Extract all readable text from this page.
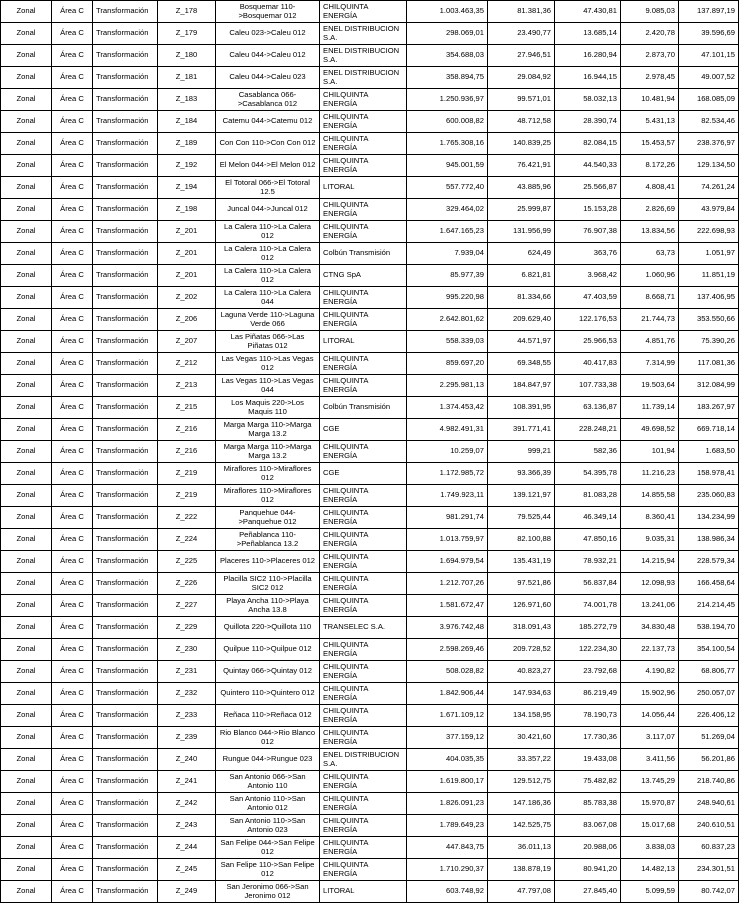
Zonal	Área C	Transformación	Z_178	Bosquemar 110->Bosquemar 012	CHILQUINTA ENERGÍA	1.003.463,35	81.381,36	47.430,81	9.085,03	137.897,19
Zonal	Área C	Transformación	Z_179	Caleu 023->Caleu 012	ENEL DISTRIBUCION S.A.	298.069,01	23.490,77	13.685,14	2.420,78	39.596,69
Zonal	Área C	Transformación	Z_180	Caleu 044->Caleu 012	ENEL DISTRIBUCION S.A.	354.688,03	27.946,51	16.280,94	2.873,70	47.101,15
Zonal	Área C	Transformación	Z_181	Caleu 044->Caleu 023	ENEL DISTRIBUCION S.A.	358.894,75	29.084,92	16.944,15	2.978,45	49.007,52
Zonal	Área C	Transformación	Z_183	Casablanca 066->Casablanca 012	CHILQUINTA ENERGÍA	1.250.936,97	99.571,01	58.032,13	10.481,94	168.085,09
Zonal	Área C	Transformación	Z_184	Catemu 044->Catemu 012	CHILQUINTA ENERGÍA	600.008,82	48.712,58	28.390,74	5.431,13	82.534,46
Zonal	Área C	Transformación	Z_189	Con Con 110->Con Con 012	CHILQUINTA ENERGÍA	1.765.308,16	140.839,25	82.084,15	15.453,57	238.376,97
Zonal	Área C	Transformación	Z_192	El Melon 044->El Melon 012	CHILQUINTA ENERGÍA	945.001,59	76.421,91	44.540,33	8.172,26	129.134,50
Zonal	Área C	Transformación	Z_194	El Totoral 066->El Totoral 12.5	LITORAL	557.772,40	43.885,96	25.566,87	4.808,41	74.261,24
Zonal	Área C	Transformación	Z_198	Juncal 044->Juncal 012	CHILQUINTA ENERGÍA	329.464,02	25.999,87	15.153,28	2.826,69	43.979,84
Zonal	Área C	Transformación	Z_201	La Calera 110->La Calera 012	CHILQUINTA ENERGÍA	1.647.165,23	131.956,99	76.907,38	13.834,56	222.698,93
Zonal	Área C	Transformación	Z_201	La Calera 110->La Calera 012	Colbún Transmisión	7.939,04	624,49	363,76	63,73	1.051,97
Zonal	Área C	Transformación	Z_201	La Calera 110->La Calera 012	CTNG SpA	85.977,39	6.821,81	3.968,42	1.060,96	11.851,19
Zonal	Área C	Transformación	Z_202	La Calera 110->La Calera 044	CHILQUINTA ENERGÍA	995.220,98	81.334,66	47.403,59	8.668,71	137.406,95
Zonal	Área C	Transformación	Z_206	Laguna Verde 110->Laguna Verde 066	CHILQUINTA ENERGÍA	2.642.801,62	209.629,40	122.176,53	21.744,73	353.550,66
Zonal	Área C	Transformación	Z_207	Las Piñatas 066->Las Piñatas 012	LITORAL	558.339,03	44.571,97	25.966,53	4.851,76	75.390,26
Zonal	Área C	Transformación	Z_212	Las Vegas 110->Las Vegas 012	CHILQUINTA ENERGÍA	859.697,20	69.348,55	40.417,83	7.314,99	117.081,36
Zonal	Área C	Transformación	Z_213	Las Vegas 110->Las Vegas 044	CHILQUINTA ENERGÍA	2.295.981,13	184.847,97	107.733,38	19.503,64	312.084,99
Zonal	Área C	Transformación	Z_215	Los Maquis 220->Los Maquis 110	Colbún Transmisión	1.374.453,42	108.391,95	63.136,87	11.739,14	183.267,97
Zonal	Área C	Transformación	Z_216	Marga Marga 110->Marga Marga 13.2	CGE	4.982.491,31	391.771,41	228.248,21	49.698,52	669.718,14
Zonal	Área C	Transformación	Z_216	Marga Marga 110->Marga Marga 13.2	CHILQUINTA ENERGÍA	10.259,07	999,21	582,36	101,94	1.683,50
Zonal	Área C	Transformación	Z_219	Miraflores 110->Miraflores 012	CGE	1.172.985,72	93.366,39	54.395,78	11.216,23	158.978,41
Zonal	Área C	Transformación	Z_219	Miraflores 110->Miraflores 012	CHILQUINTA ENERGÍA	1.749.923,11	139.121,97	81.083,28	14.855,58	235.060,83
Zonal	Área C	Transformación	Z_222	Panquehue 044->Panquehue 012	CHILQUINTA ENERGÍA	981.291,74	79.525,44	46.349,14	8.360,41	134.234,99
Zonal	Área C	Transformación	Z_224	Peñablanca 110->Peñablanca 13.2	CHILQUINTA ENERGÍA	1.013.759,97	82.100,88	47.850,16	9.035,31	138.986,34
Zonal	Área C	Transformación	Z_225	Placeres 110->Placeres 012	CHILQUINTA ENERGÍA	1.694.979,54	135.431,19	78.932,21	14.215,94	228.579,34
Zonal	Área C	Transformación	Z_226	Placilla SIC2 110->Placilla SIC2 012	CHILQUINTA ENERGÍA	1.212.707,26	97.521,86	56.837,84	12.098,93	166.458,64
Zonal	Área C	Transformación	Z_227	Playa Ancha 110->Playa Ancha 13.8	CHILQUINTA ENERGÍA	1.581.672,47	126.971,60	74.001,78	13.241,06	214.214,45
Zonal	Área C	Transformación	Z_229	Quillota 220->Quillota 110	TRANSELEC S.A.	3.976.742,48	318.091,43	185.272,79	34.830,48	538.194,70
Zonal	Área C	Transformación	Z_230	Quilpue 110->Quilpue 012	CHILQUINTA ENERGÍA	2.598.269,46	209.728,52	122.234,30	22.137,73	354.100,54
Zonal	Área C	Transformación	Z_231	Quintay 066->Quintay 012	CHILQUINTA ENERGÍA	508.028,82	40.823,27	23.792,68	4.190,82	68.806,77
Zonal	Área C	Transformación	Z_232	Quintero 110->Quintero 012	CHILQUINTA ENERGÍA	1.842.906,44	147.934,63	86.219,49	15.902,96	250.057,07
Zonal	Área C	Transformación	Z_233	Reñaca 110->Reñaca 012	CHILQUINTA ENERGÍA	1.671.109,12	134.158,95	78.190,73	14.056,44	226.406,12
Zonal	Área C	Transformación	Z_239	Rio Blanco 044->Rio Blanco 012	CHILQUINTA ENERGÍA	377.159,12	30.421,60	17.730,36	3.117,07	51.269,04
Zonal	Área C	Transformación	Z_240	Rungue 044->Rungue 023	ENEL DISTRIBUCION S.A.	404.035,35	33.357,22	19.433,08	3.411,56	56.201,86
Zonal	Área C	Transformación	Z_241	San Antonio 066->San Antonio 110	CHILQUINTA ENERGÍA	1.619.800,17	129.512,75	75.482,82	13.745,29	218.740,86
Zonal	Área C	Transformación	Z_242	San Antonio 110->San Antonio 012	CHILQUINTA ENERGÍA	1.826.091,23	147.186,36	85.783,38	15.970,87	248.940,61
Zonal	Área C	Transformación	Z_243	San Antonio 110->San Antonio 023	CHILQUINTA ENERGÍA	1.789.649,23	142.525,75	83.067,08	15.017,68	240.610,51
Zonal	Área C	Transformación	Z_244	San Felipe 044->San Felipe 012	CHILQUINTA ENERGÍA	447.843,75	36.011,13	20.988,06	3.838,03	60.837,23
Zonal	Área C	Transformación	Z_245	San Felipe 110->San Felipe 012	CHILQUINTA ENERGÍA	1.710.290,37	138.878,19	80.941,20	14.482,13	234.301,51
Zonal	Área C	Transformación	Z_249	San Jeronimo 066->San Jeronimo 012	LITORAL	603.748,92	47.797,08	27.845,40	5.099,59	80.742,07
